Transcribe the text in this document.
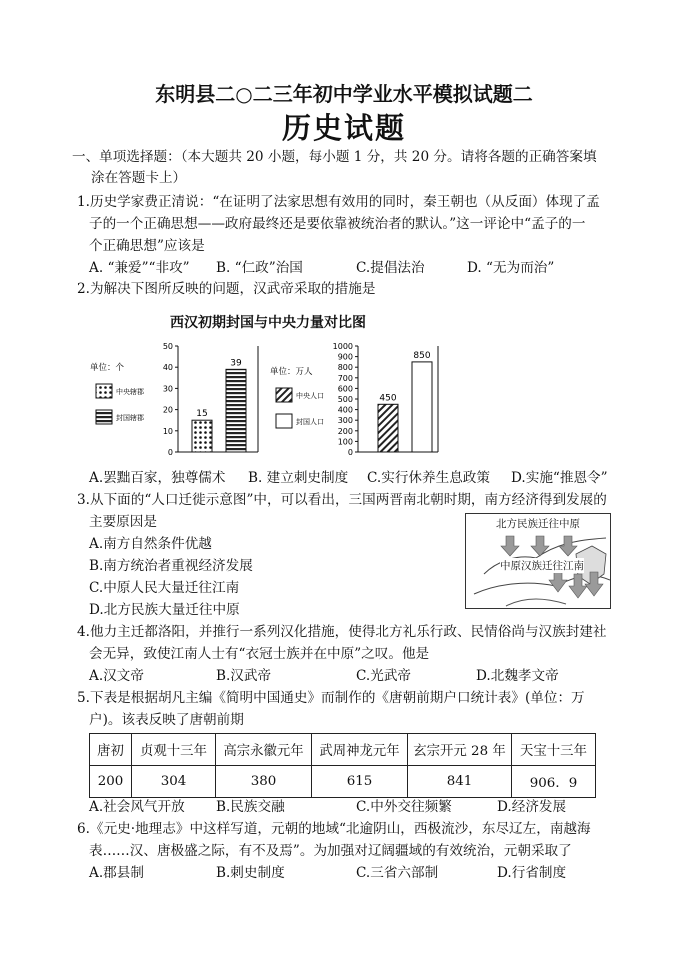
东明县二○二三年初中学业水平模拟试题二
历史试题
一、单项选择题：（本大题共 20 小题，每小题 1 分，共 20 分。请将各题的正确答案填
涂在答题卡上）
1.历史学家费正清说：“在证明了法家思想有效用的同时，秦王朝也（从反面）体现了孟
子的一个正确思想——政府最终还是要依靠被统治者的默认。”这一评论中“孟子的一
个正确思想”应该是
A. “兼爱”“非攻” B. “仁政”治国	C.提倡法治	D. “无为而治”
2.为解决下图所反映的问题，汉武帝采取的措施是
西汉初期封国与中央力量对比图
0
10
20
30
40
50
15
39
单位：个
中央辖郡
封国辖郡
0
100
200
300
400
500
600
700
800
900
1000
450
850
单位：万人
中央人口
封国人口
A.罢黜百家，独尊儒术 B. 建立刺史制度 C.实行休养生息政策 D.实施“推恩令”
3.从下面的“人口迁徙示意图”中，可以看出，三国两晋南北朝时期，南方经济得到发展的
主要原因是
A.南方自然条件优越
B.南方统治者重视经济发展
C.中原人民大量迁往江南
D.北方民族大量迁往中原
北方民族迁往中原
中原汉族迁往江南
4.他力主迁都洛阳，并推行一系列汉化措施，使得北方礼乐行政、民情俗尚与汉族封建社
会无异，致使江南人士有“衣冠士族并在中原”之叹。他是
A.汉文帝	B.汉武帝	C.光武帝	D.北魏孝文帝
5.下表是根据胡凡主编《简明中国通史》而制作的《唐朝前期户口统计表》(单位：万
户)。该表反映了唐朝前期
唐初	贞观十三年	高宗永徽元年	武周神龙元年	玄宗开元 28 年	天宝十三年
200	304	380	615	841	906．9
A.社会风气开放 B.民族交融	C.中外交往频繁	D.经济发展
6.《元史·地理志》中这样写道，元朝的地域“北逾阴山，西极流沙，东尽辽左，南越海
表……汉、唐极盛之际，有不及焉”。为加强对辽阔疆域的有效统治，元朝采取了
A.郡县制	B.刺史制度	C.三省六部制	D.行省制度
